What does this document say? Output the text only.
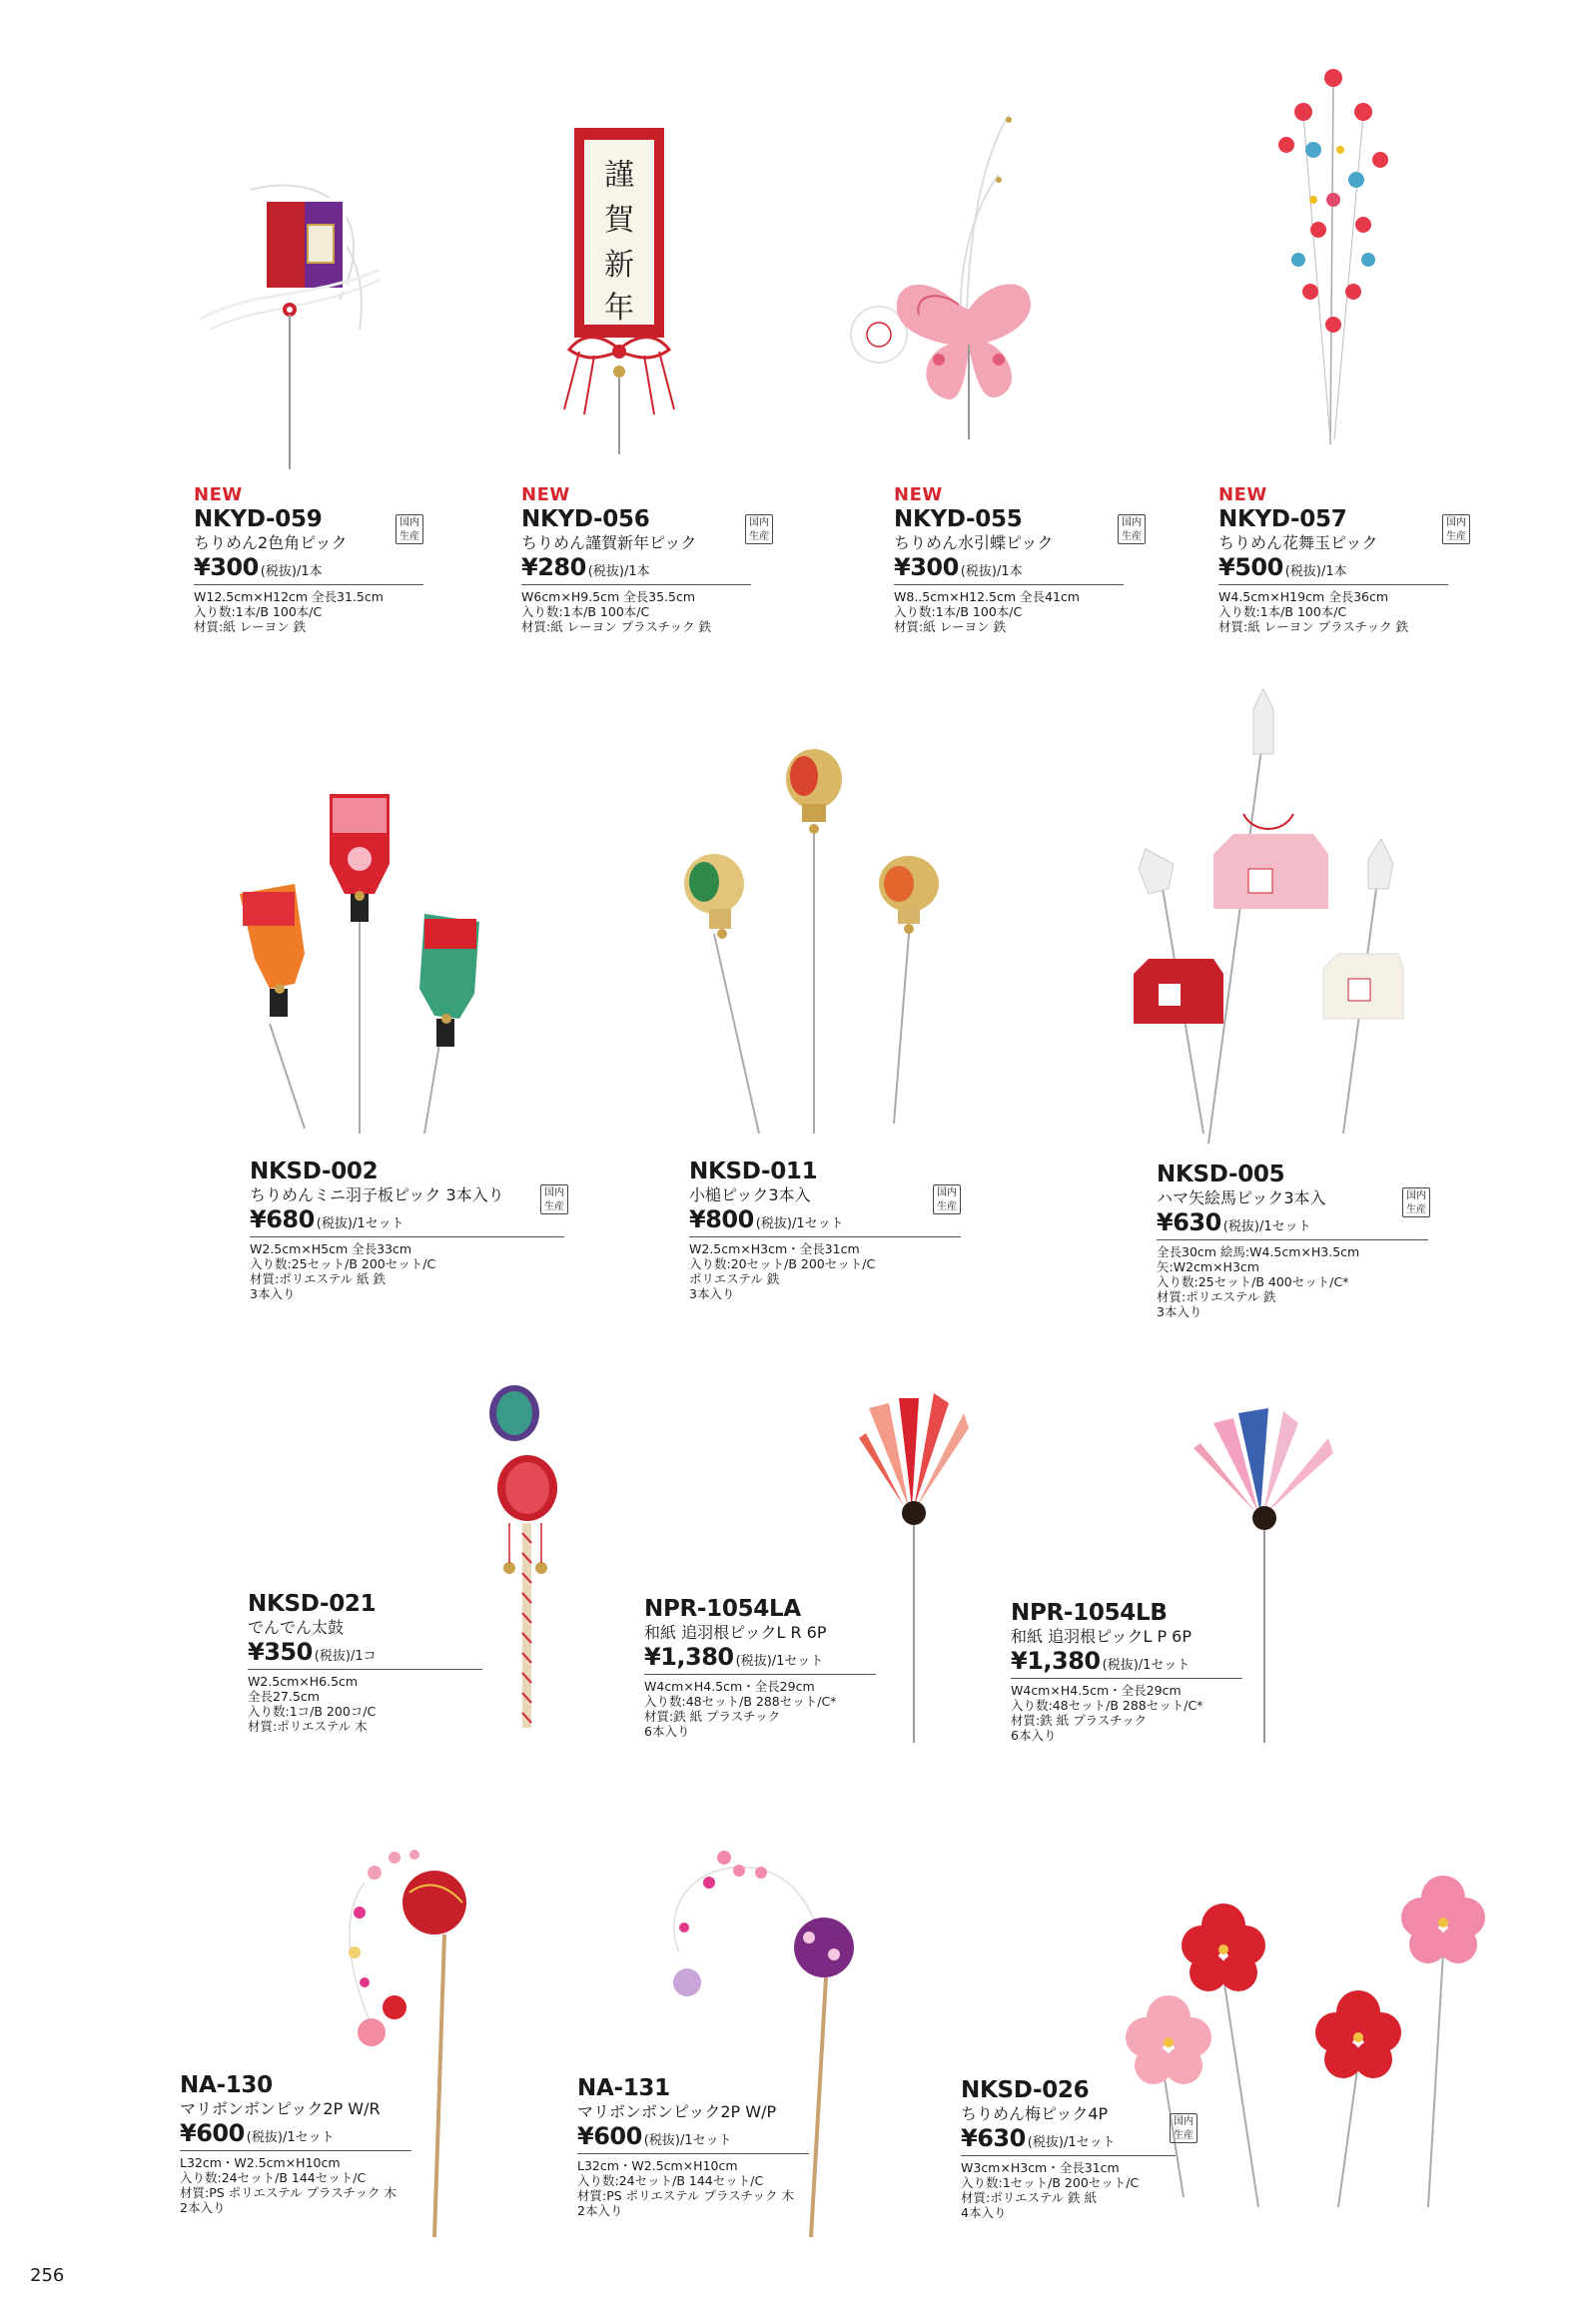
NEW
NKYD-059
ちりめん2色角ピック
¥300 (税抜) /1本
国内
生産
W12.5cm×H12cm 全長31.5cm
入り数:1本/B 100本/C
材質:紙 レーヨン 鉄
謹
賀
新
年
NEW
NKYD-056
ちりめん謹賀新年ピック
¥280 (税抜) /1本
国内
生産
W6cm×H9.5cm 全長35.5cm
入り数:1本/B 100本/C
材質:紙 レーヨン プラスチック 鉄
NEW
NKYD-055
ちりめん水引蝶ピック
¥300 (税抜) /1本
国内
生産
W8..5cm×H12.5cm 全長41cm
入り数:1本/B 100本/C
材質:紙 レーヨン 鉄
NEW
NKYD-057
ちりめん花舞玉ピック
¥500 (税抜) /1本
国内
生産
W4.5cm×H19cm 全長36cm
入り数:1本/B 100本/C
材質:紙 レーヨン プラスチック 鉄
NKSD-002
ちりめんミニ羽子板ピック 3本入り
¥680 (税抜) /1セット
国内
生産
W2.5cm×H5cm 全長33cm
入り数:25セット/B 200セット/C
材質:ポリエステル 紙 鉄
3本入り
NKSD-011
小槌ピック3本入
¥800 (税抜) /1セット
国内
生産
W2.5cm×H3cm・全長31cm
入り数:20セット/B 200セット/C
ポリエステル 鉄
3本入り
NKSD-005
ハマ矢絵馬ピック3本入
¥630 (税抜) /1セット
国内
生産
全長30cm 絵馬:W4.5cm×H3.5cm
矢:W2cm×H3cm
入り数:25セット/B 400セット/C*
材質:ポリエステル 鉄
3本入り
NKSD-021
でんでん太鼓
¥350 (税抜) /1コ
W2.5cm×H6.5cm
全長27.5cm
入り数:1コ/B 200コ/C
材質:ポリエステル 木
NPR-1054LA
和紙 追羽根ピックL R 6P
¥1,380 (税抜) /1セット
W4cm×H4.5cm・全長29cm
入り数:48セット/B 288セット/C*
材質:鉄 紙 プラスチック
6本入り
NPR-1054LB
和紙 追羽根ピックL P 6P
¥1,380 (税抜) /1セット
W4cm×H4.5cm・全長29cm
入り数:48セット/B 288セット/C*
材質:鉄 紙 プラスチック
6本入り
NA-130
マリボンボンピック2P W/R
¥600 (税抜) /1セット
L32cm・W2.5cm×H10cm
入り数:24セット/B 144セット/C
材質:PS ポリエステル プラスチック 木
2本入り
NA-131
マリボンボンピック2P W/P
¥600 (税抜) /1セット
L32cm・W2.5cm×H10cm
入り数:24セット/B 144セット/C
材質:PS ポリエステル プラスチック 木
2本入り
NKSD-026
ちりめん梅ピック4P
¥630 (税抜) /1セット
国内
生産
W3cm×H3cm・全長31cm
入り数:1セット/B 200セット/C
材質:ポリエステル 鉄 紙
4本入り
256
